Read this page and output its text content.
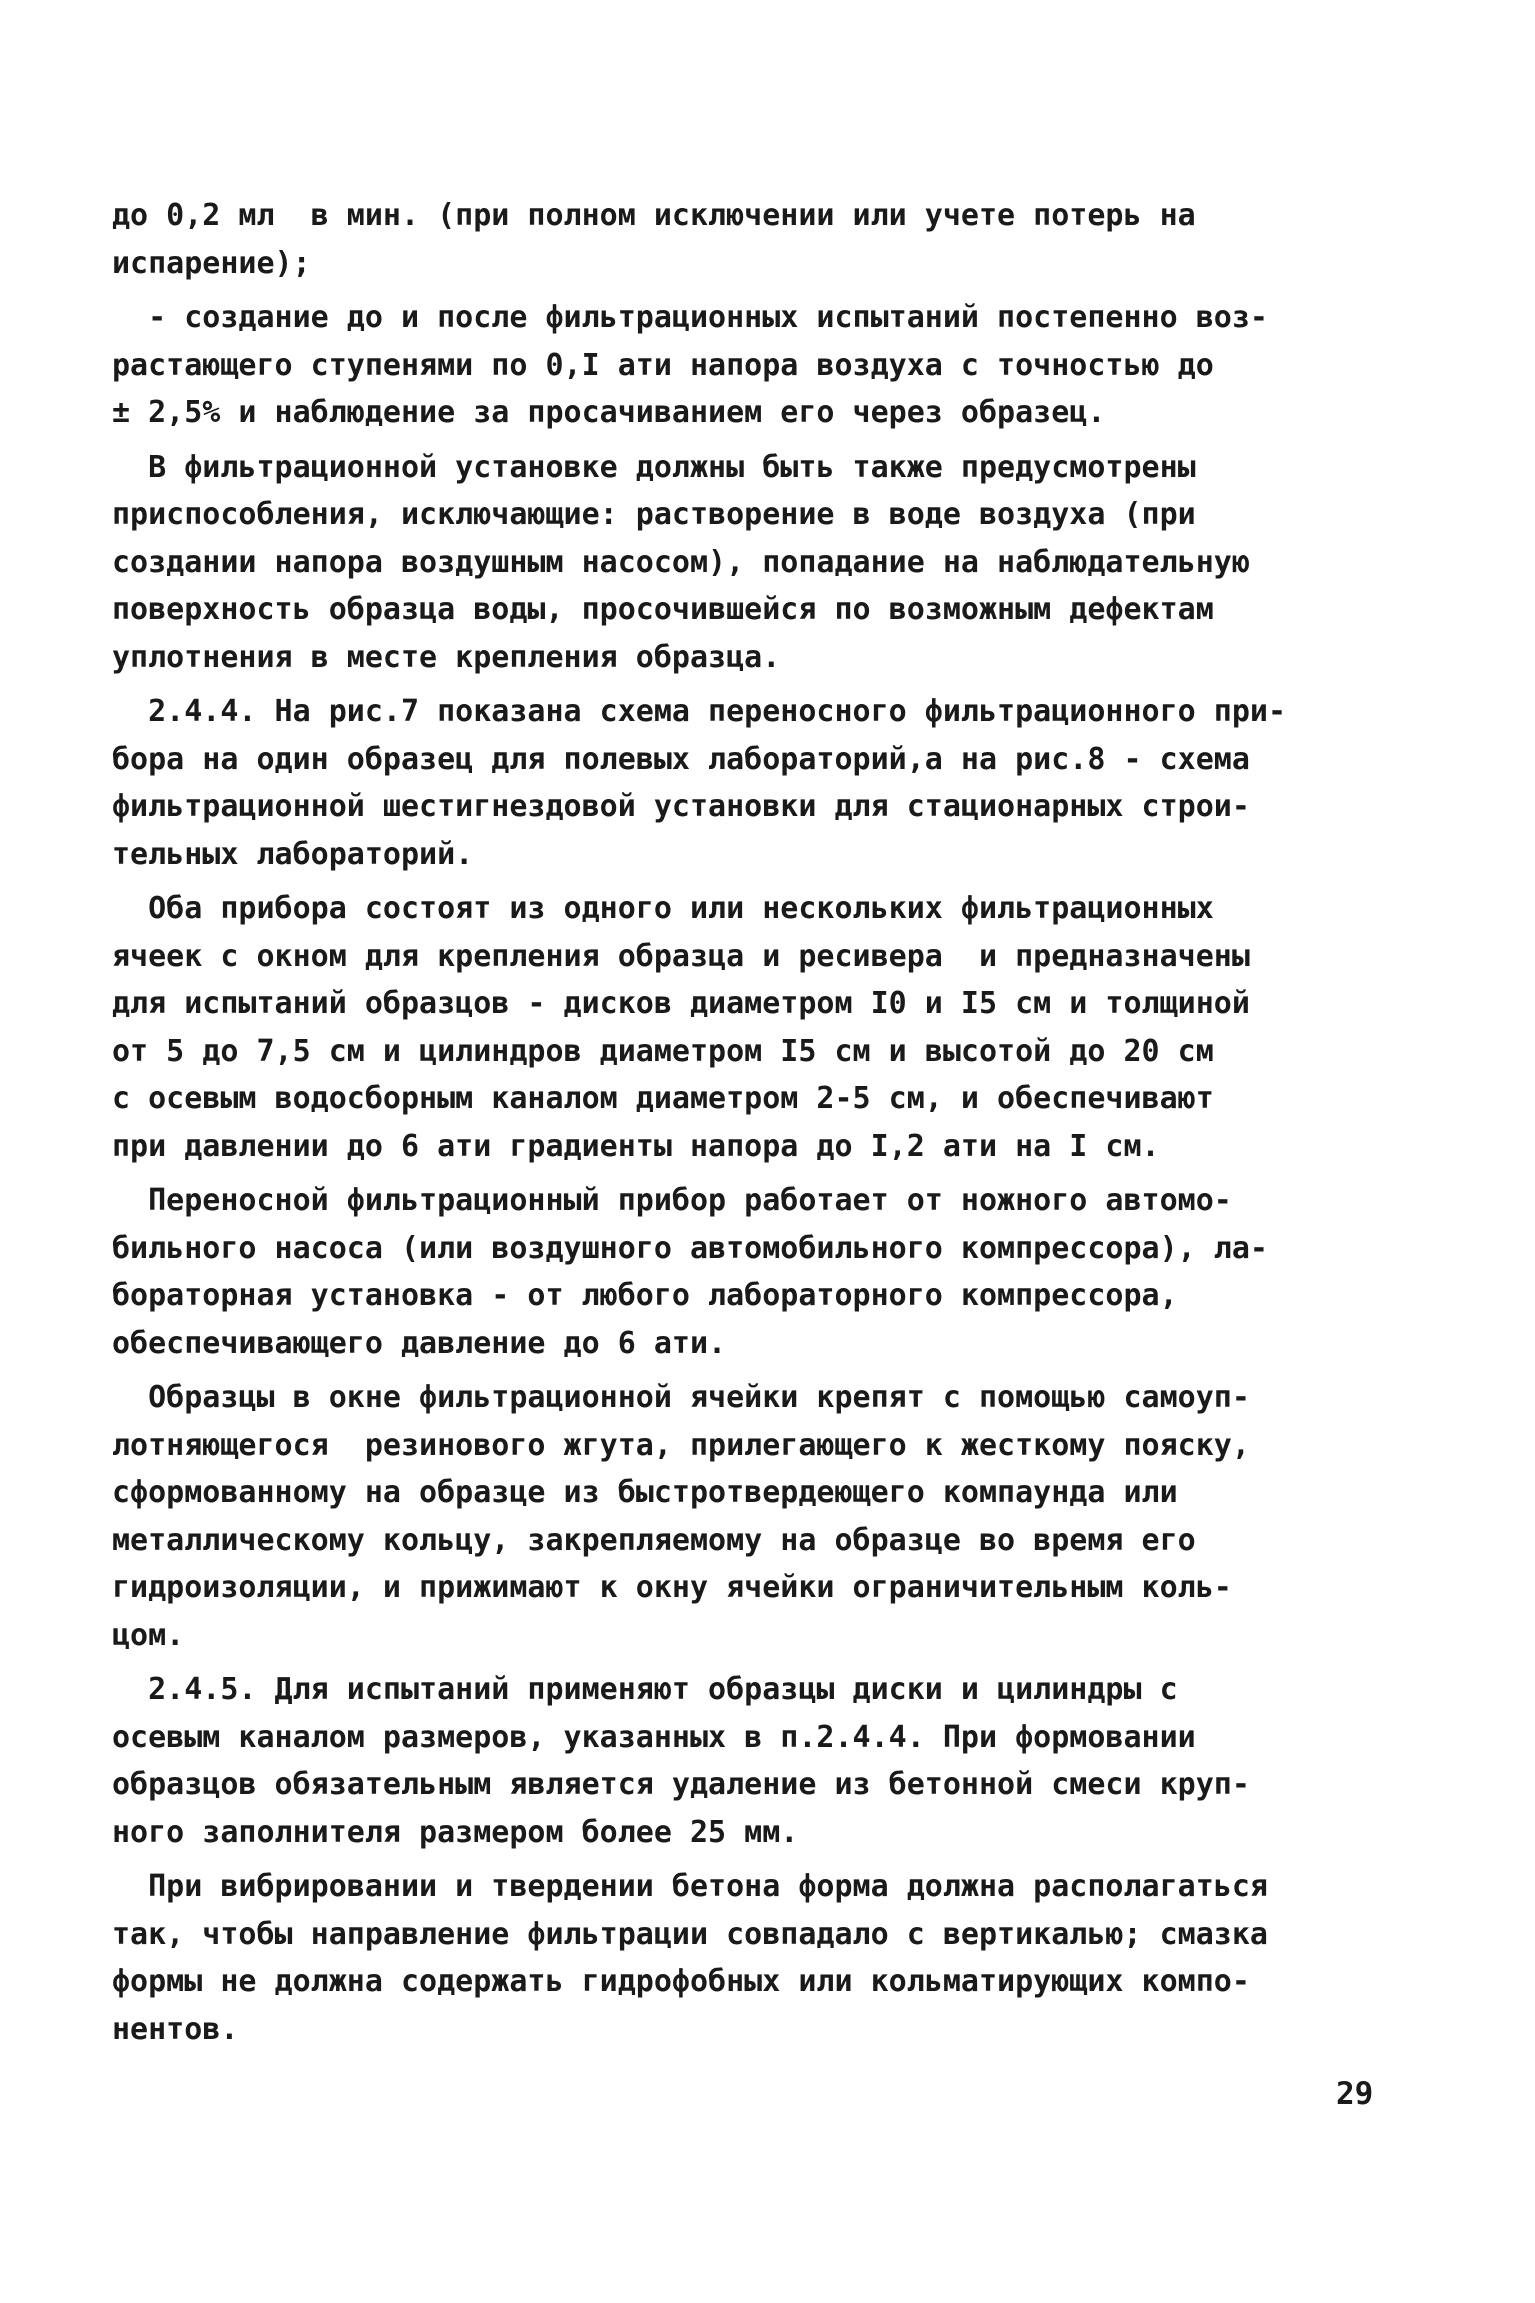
до 0,2 мл  в мин. (при полном исключении или учете потерь на
испарение);
- создание до и после фильтрационных испытаний постепенно воз-
растающего ступенями по 0,I ати напора воздуха с точностью до
± 2,5% и наблюдение за просачиванием его через образец.
В фильтрационной установке должны быть также предусмотрены
приспособления, исключающие: растворение в воде воздуха (при
создании напора воздушным насосом), попадание на наблюдательную
поверхность образца воды, просочившейся по возможным дефектам
уплотнения в месте крепления образца.
2.4.4. На рис.7 показана схема переносного фильтрационного при-
бора на один образец для полевых лабораторий,а на рис.8 - схема
фильтрационной шестигнездовой установки для стационарных строи-
тельных лабораторий.
Оба прибора состоят из одного или нескольких фильтрационных
ячеек с окном для крепления образца и ресивера  и предназначены
для испытаний образцов - дисков диаметром I0 и I5 см и толщиной
от 5 до 7,5 см и цилиндров диаметром I5 см и высотой до 20 см
с осевым водосборным каналом диаметром 2-5 см, и обеспечивают
при давлении до 6 ати градиенты напора до I,2 ати на I см.
Переносной фильтрационный прибор работает от ножного автомо-
бильного насоса (или воздушного автомобильного компрессора), ла-
бораторная установка - от любого лабораторного компрессора,
обеспечивающего давление до 6 ати.
Образцы в окне фильтрационной ячейки крепят с помощью самоуп-
лотняющегося  резинового жгута, прилегающего к жесткому пояску,
сформованному на образце из быстротвердеющего компаунда или
металлическому кольцу, закрепляемому на образце во время его
гидроизоляции, и прижимают к окну ячейки ограничительным коль-
цом.
2.4.5. Для испытаний применяют образцы диски и цилиндры с
осевым каналом размеров, указанных в п.2.4.4. При формовании
образцов обязательным является удаление из бетонной смеси круп-
ного заполнителя размером более 25 мм.
При вибрировании и твердении бетона форма должна располагаться
так, чтобы направление фильтрации совпадало с вертикалью; смазка
формы не должна содержать гидрофобных или кольматирующих компо-
нентов.
29
